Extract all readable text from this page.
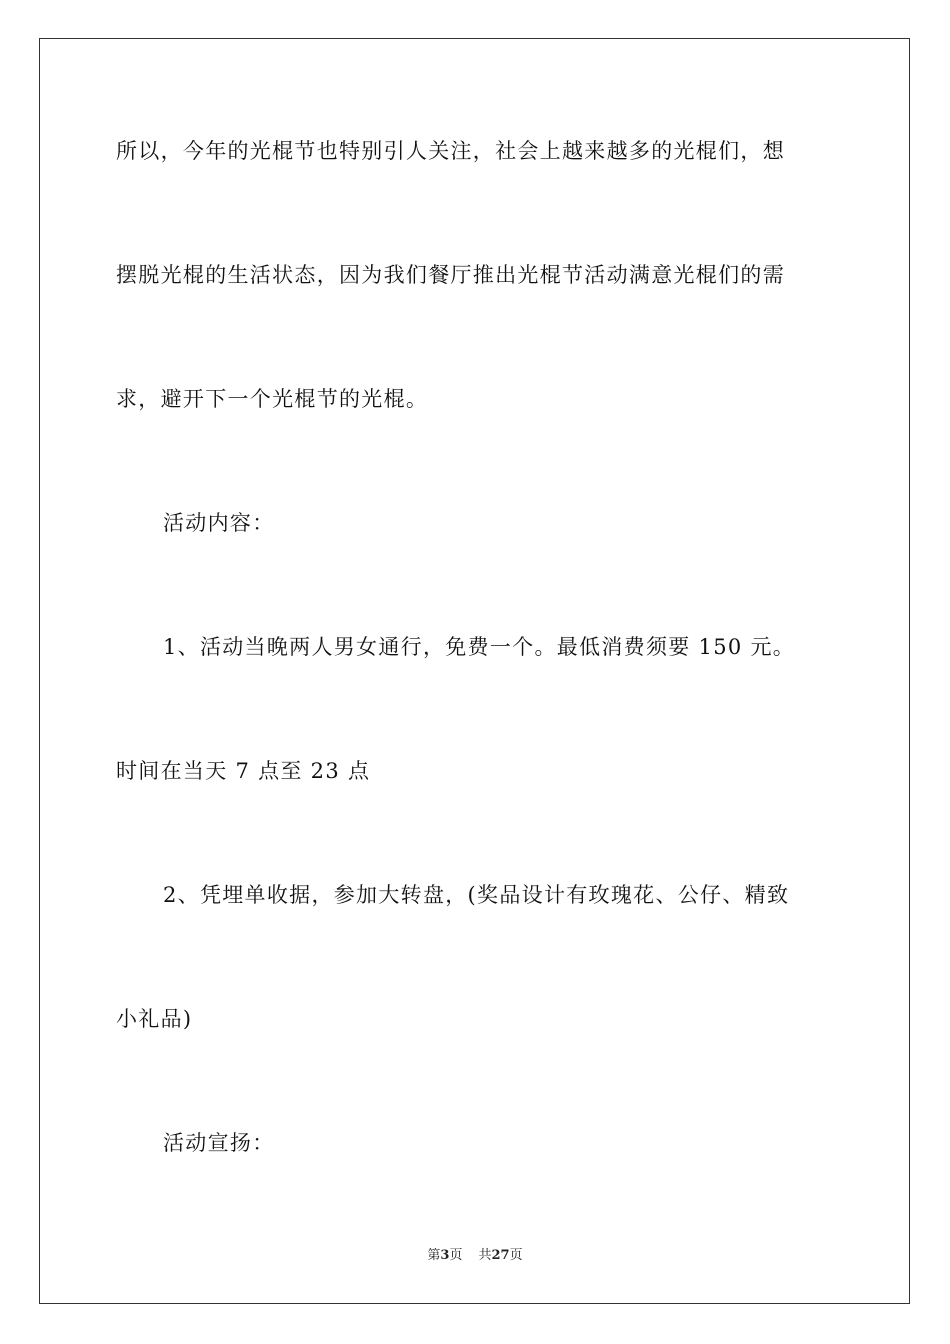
所以，今年的光棍节也特别引人关注，社会上越来越多的光棍们，想
摆脱光棍的生活状态，因为我们餐厅推出光棍节活动满意光棍们的需
求，避开下一个光棍节的光棍。
活动内容：
1、活动当晚两人男女通行，免费一个。最低消费须要 150 元。
时间在当天 7 点至 23 点
2、凭埋单收据，参加大转盘，(奖品设计有玫瑰花、公仔、精致
小礼品)
活动宣扬：
第3页 共27页
